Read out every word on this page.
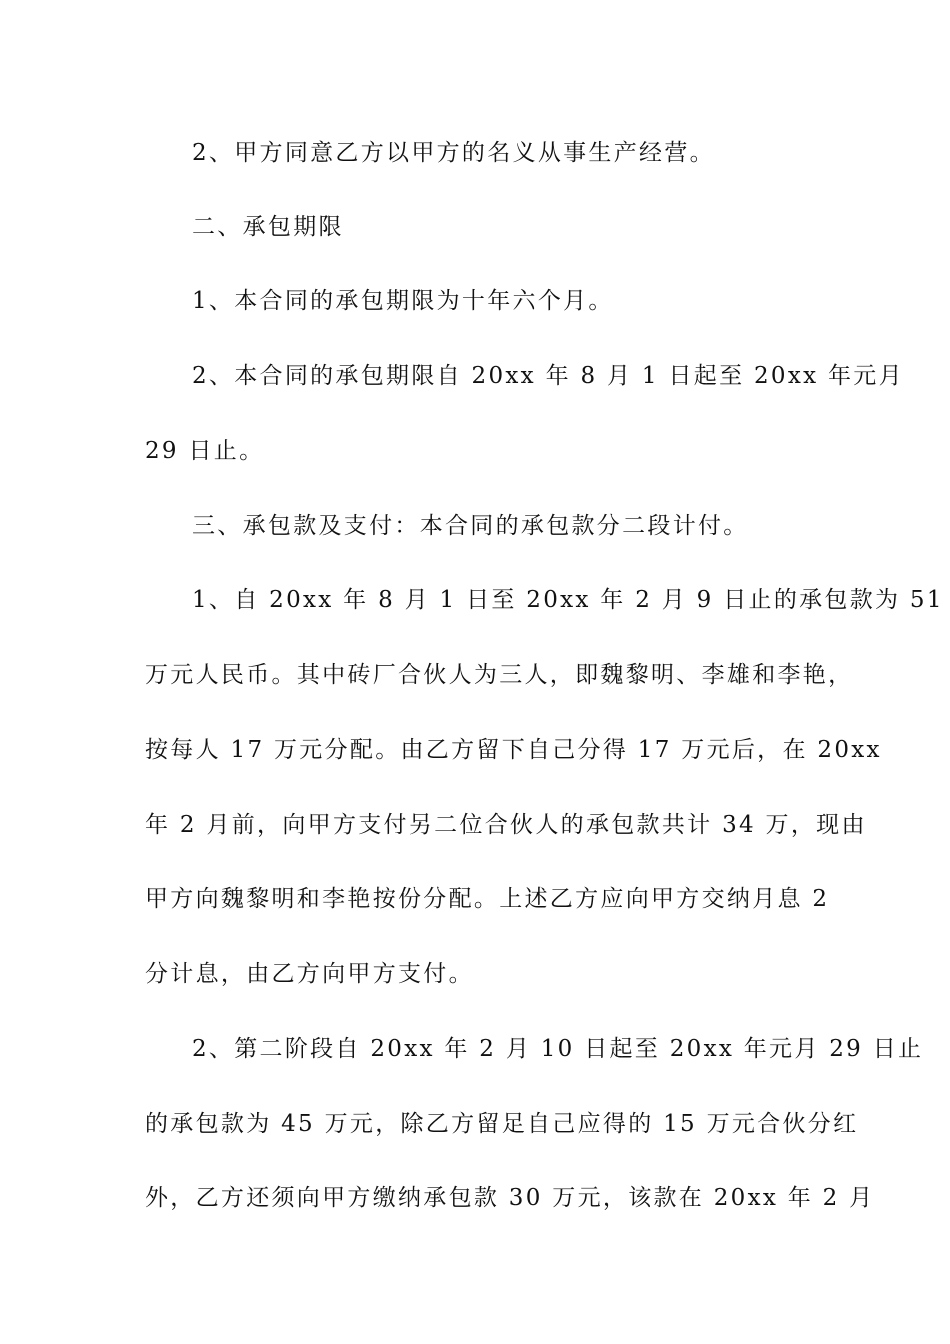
2、甲方同意乙方以甲方的名义从事生产经营。
二、承包期限
1、本合同的承包期限为十年六个月。
2、本合同的承包期限自 20xx 年 8 月 1 日起至 20xx 年元月
29 日止。
三、承包款及支付：本合同的承包款分二段计付。
1、自 20xx 年 8 月 1 日至 20xx 年 2 月 9 日止的承包款为 51
万元人民币。其中砖厂合伙人为三人，即魏黎明、李雄和李艳，
按每人 17 万元分配。由乙方留下自己分得 17 万元后，在 20xx
年 2 月前，向甲方支付另二位合伙人的承包款共计 34 万，现由
甲方向魏黎明和李艳按份分配。上述乙方应向甲方交纳月息 2
分计息，由乙方向甲方支付。
2、第二阶段自 20xx 年 2 月 10 日起至 20xx 年元月 29 日止
的承包款为 45 万元，除乙方留足自己应得的 15 万元合伙分红
外，乙方还须向甲方缴纳承包款 30 万元，该款在 20xx 年 2 月
